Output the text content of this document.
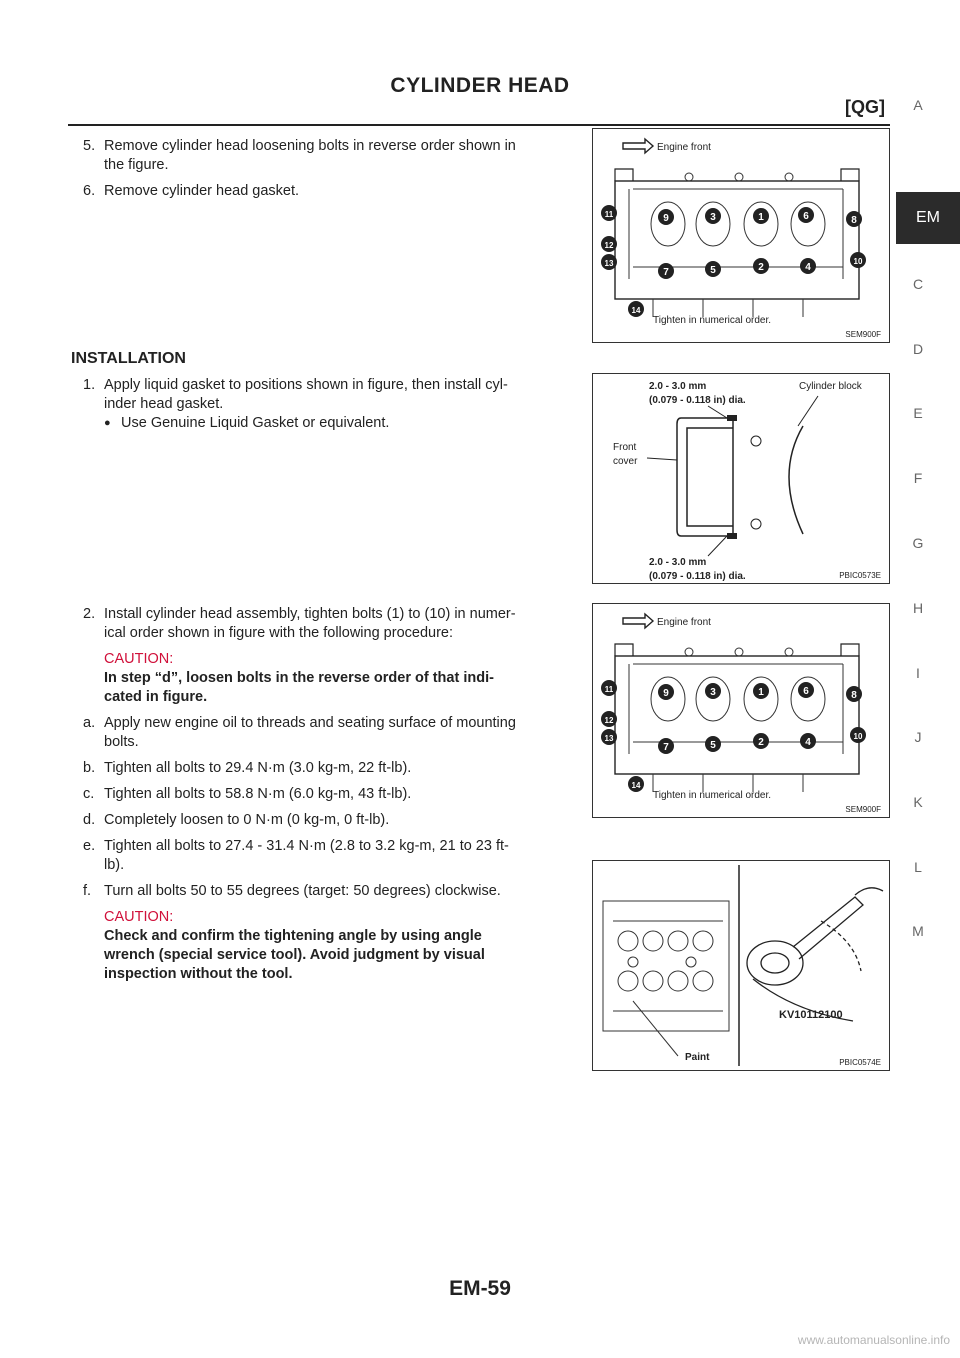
CYLINDER HEAD
[QG]	A
C
D
E
F
G
H
I
J
K
L
M
EM
5. Remove cylinder head loosening bolts in reverse order shown in
the figure.
6. Remove cylinder head gasket.
INSTALLATION
1. Apply liquid gasket to positions shown in figure, then install cyl-
inder head gasket.
● Use Genuine Liquid Gasket or equivalent.
2. Install cylinder head assembly, tighten bolts (1) to (10) in numer-
ical order shown in figure with the following procedure:
CAUTION:
In step “d”, loosen bolts in the reverse order of that indi-
cated in figure.
a. Apply new engine oil to threads and seating surface of mounting
bolts.
b. Tighten all bolts to 29.4 N·m (3.0 kg-m, 22 ft-lb).
c. Tighten all bolts to 58.8 N·m (6.0 kg-m, 43 ft-lb).
d. Completely loosen to 0 N·m (0 kg-m, 0 ft-lb).
e. Tighten all bolts to 27.4 - 31.4 N·m (2.8 to 3.2 kg-m, 21 to 23 ft-
lb).
f. Turn all bolts 50 to 55 degrees (target: 50 degrees) clockwise.
CAUTION:
Check and confirm the tightening angle by using angle
wrench (special service tool). Avoid judgment by visual
inspection without the tool.
Engine front
1
2
3
4
5
6
7
8
9
10
11
12
13
14
Tighten in numerical order.
SEM900F
2.0 - 3.0 mm
(0.079 - 0.118 in) dia.
2.0 - 3.0 mm
(0.079 - 0.118 in) dia.
Cylinder block
Front
cover
PBIC0573E
Engine front
1
2
3
4
5
6
7
8
9
10
11
12
13
14
Tighten in numerical order.
SEM900F
KV10112100
Paint	PBIC0574E
EM-59
www.automanualsonline.info
